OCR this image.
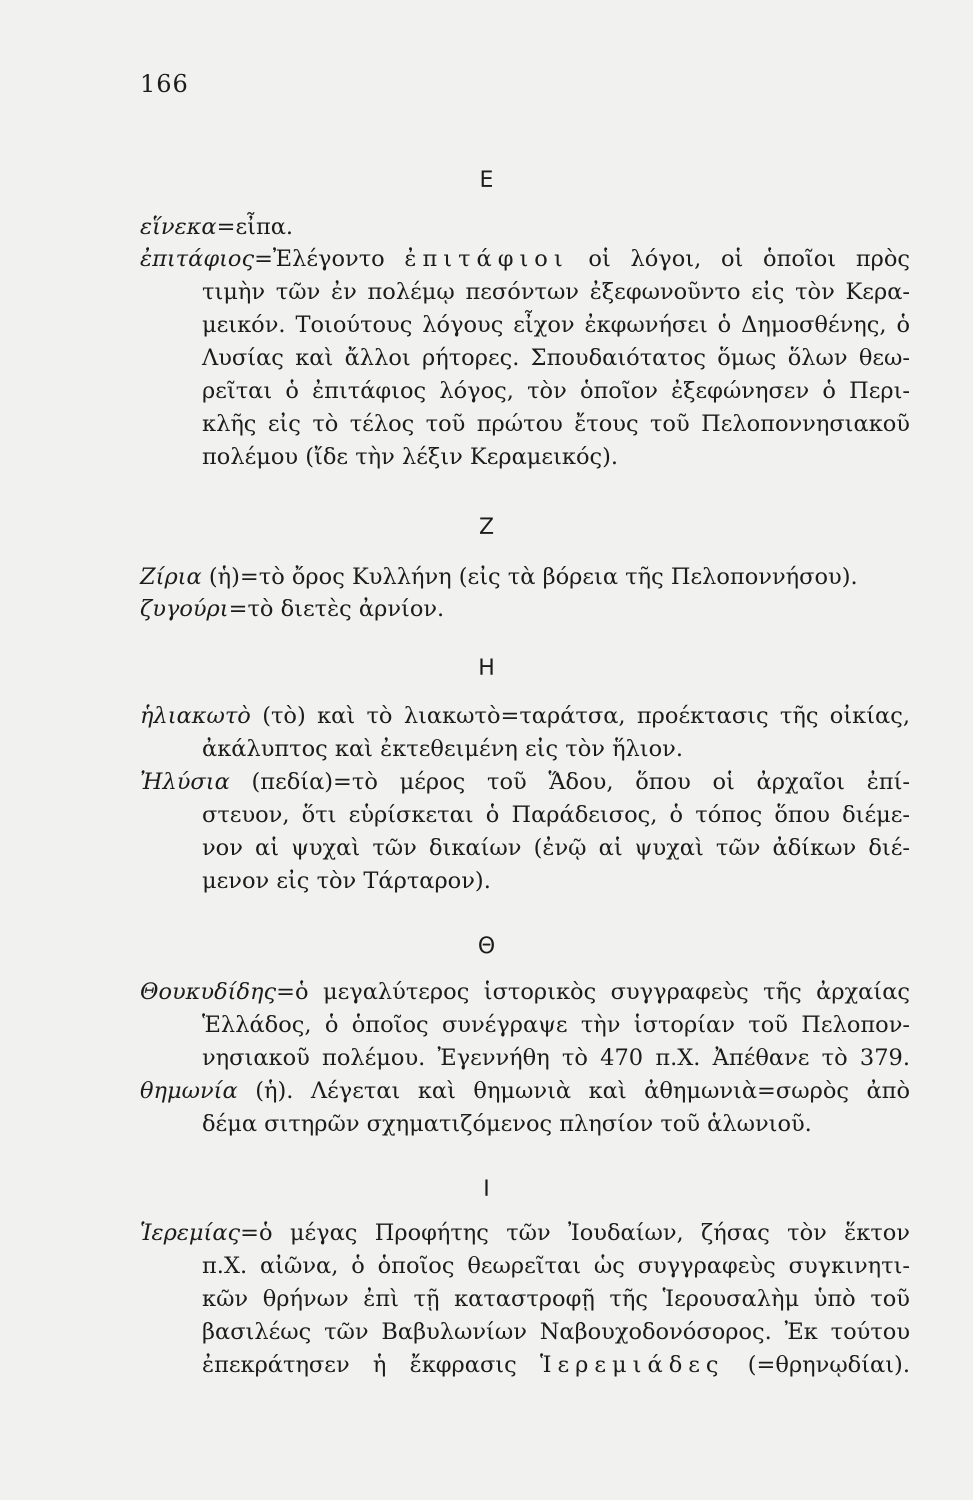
166
Ε
εἵνεκα=εἶπα.
ἐπιτάφιος=Ἐλέγοντο ἐπιτάφιοι οἱ λόγοι, οἱ ὁποῖοι πρὸς
τιμὴν τῶν ἐν πολέμῳ πεσόντων ἐξεφωνοῦντο εἰς τὸν Κερα-
μεικόν. Τοιούτους λόγους εἶχον ἐκφωνήσει ὁ Δημοσθένης, ὁ
Λυσίας καὶ ἄλλοι ρήτορες. Σπουδαιότατος ὅμως ὅλων θεω-
ρεῖται ὁ ἐπιτάφιος λόγος, τὸν ὁποῖον ἐξεφώνησεν ὁ Περι-
κλῆς εἰς τὸ τέλος τοῦ πρώτου ἔτους τοῦ Πελοποννησιακοῦ
πολέμου (ἴδε τὴν λέξιν Κεραμεικός).
Ζ
Ζίρια (ἡ)=τὸ ὄρος Κυλλήνη (εἰς τὰ βόρεια τῆς Πελοποννήσου).
ζυγούρι=τὸ διετὲς ἀρνίον.
Η
ἡλιακωτὸ (τὸ) καὶ τὸ λιακωτὸ=ταράτσα, προέκτασις τῆς οἰκίας,
ἀκάλυπτος καὶ ἐκτεθειμένη εἰς τὸν ἥλιον.
Ἠλύσια (πεδία)=τὸ μέρος τοῦ Ἅδου, ὅπου οἱ ἀρχαῖοι ἐπί-
στευον, ὅτι εὑρίσκεται ὁ Παράδεισος, ὁ τόπος ὅπου διέμε-
νον αἱ ψυχαὶ τῶν δικαίων (ἐνῷ αἱ ψυχαὶ τῶν ἀδίκων διέ-
μενον εἰς τὸν Τάρταρον).
Θ
Θουκυδίδης=ὁ μεγαλύτερος ἱστορικὸς συγγραφεὺς τῆς ἀρχαίας
Ἑλλάδος, ὁ ὁποῖος συνέγραψε τὴν ἱστορίαν τοῦ Πελοπον-
νησιακοῦ πολέμου. Ἐγεννήθη τὸ 470 π.Χ. Ἀπέθανε τὸ 379.
θημωνία (ἡ). Λέγεται καὶ θημωνιὰ καὶ ἀθημωνιὰ=σωρὸς ἀπὸ
δέμα σιτηρῶν σχηματιζόμενος πλησίον τοῦ ἁλωνιοῦ.
Ι
Ἱερεμίας=ὁ μέγας Προφήτης τῶν Ἰουδαίων, ζήσας τὸν ἕκτον
π.Χ. αἰῶνα, ὁ ὁποῖος θεωρεῖται ὡς συγγραφεὺς συγκινητι-
κῶν θρήνων ἐπὶ τῇ καταστροφῇ τῆς Ἱερουσαλὴμ ὑπὸ τοῦ
βασιλέως τῶν Βαβυλωνίων Ναβουχοδονόσορος. Ἐκ τούτου
ἐπεκράτησεν ἡ ἔκφρασις Ἱερεμιάδες (=θρηνῳδίαι).
